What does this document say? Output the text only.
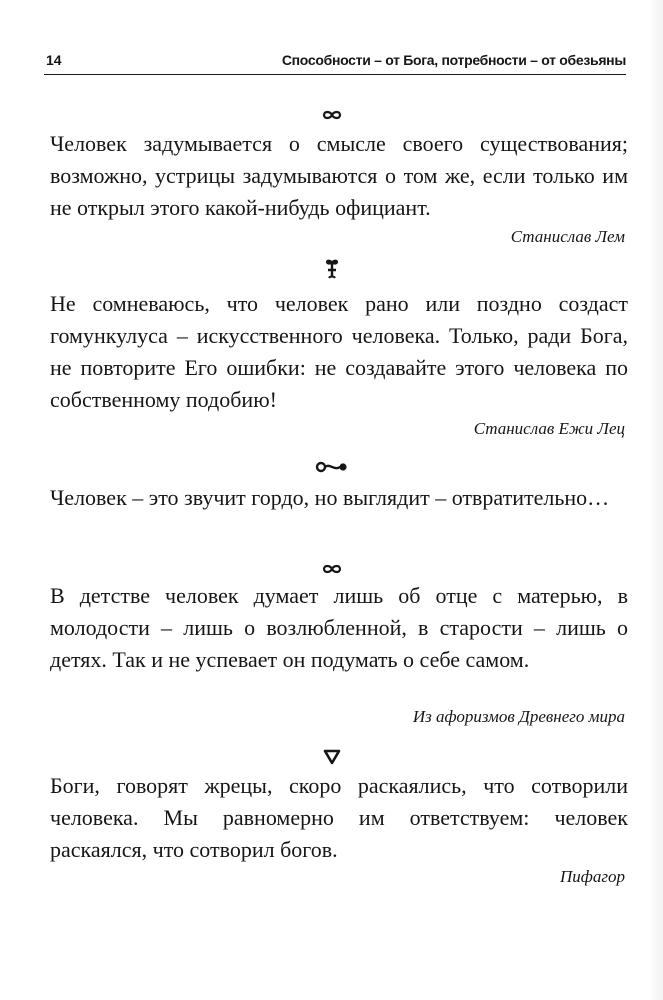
14	Способности – от Бога, потребности – от обезьяны

Человек задумывается о смысле своего существования; возможно, устрицы задумываются о том же, если только им не открыл этого какой-нибудь официант.

Станислав Лем

Не сомневаюсь, что человек рано или поздно создаст гомункулуса – искусственного человека. Только, ради Бога, не повторите Его ошибки: не создавайте этого человека по собственному подобию!

Станислав Ежи Лец

Человек – это звучит гордо, но выглядит – отвратительно…

В детстве человек думает лишь об отце с матерью, в молодости – лишь о возлюбленной, в старости – лишь о детях. Так и не успевает он подумать о себе самом.

Из афоризмов Древнего мира

Боги, говорят жрецы, скоро раскаялись, что сотворили человека. Мы равномерно им ответствуем: человек раскаялся, что сотворил богов.

Пифагор
